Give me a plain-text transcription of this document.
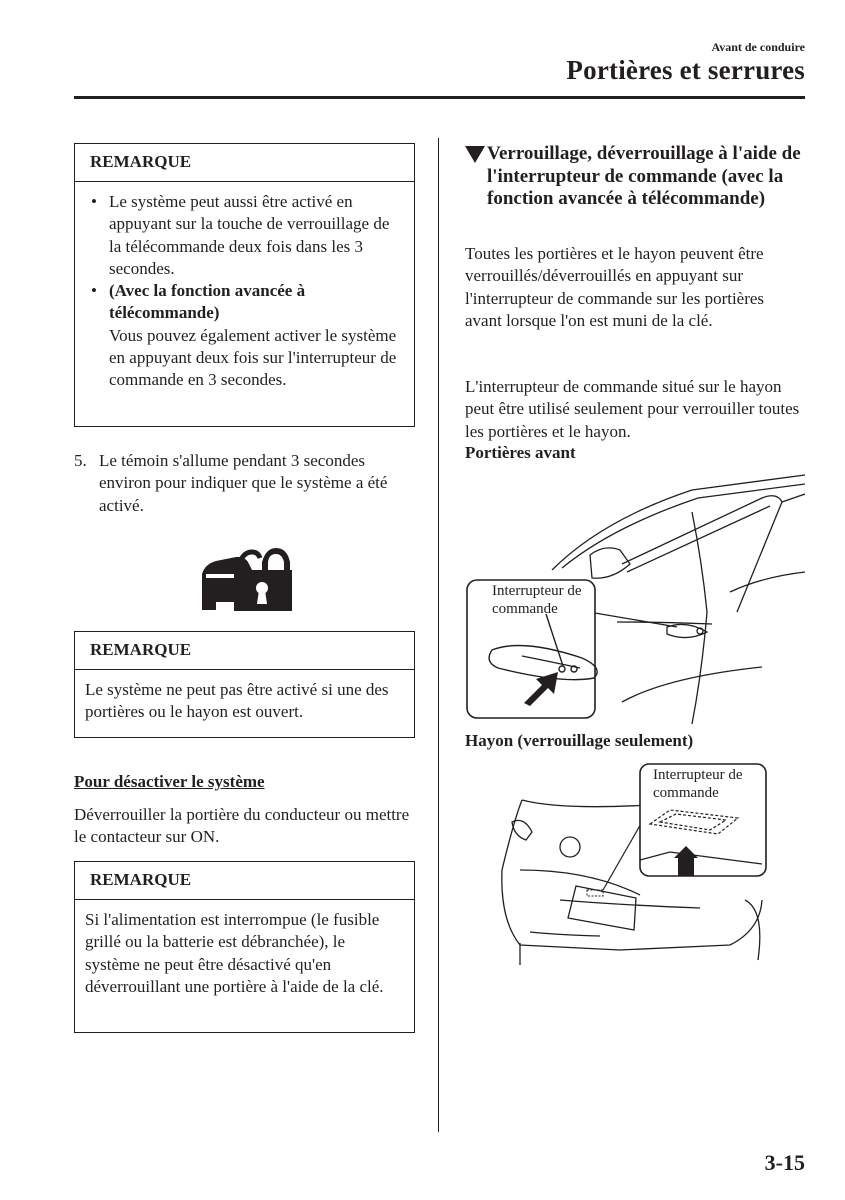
Avant de conduire
Portières et serrures
REMARQUE
• Le système peut aussi être activé en appuyant sur la touche de verrouillage de la télécommande deux fois dans les 3 secondes.
• (Avec la fonction avancée à télécommande)
Vous pouvez également activer le système en appuyant deux fois sur l'interrupteur de commande en 3 secondes.
5. Le témoin s'allume pendant 3 secondes environ pour indiquer que le système a été activé.
REMARQUE
Le système ne peut pas être activé si une des portières ou le hayon est ouvert.
Pour désactiver le système
Déverrouiller la portière du conducteur ou mettre le contacteur sur ON.
REMARQUE
Si l'alimentation est interrompue (le fusible grillé ou la batterie est débranchée), le système ne peut être désactivé qu'en déverrouillant une portière à l'aide de la clé.
Verrouillage, déverrouillage à l'aide de l'interrupteur de commande (avec la fonction avancée à télécommande)
Toutes les portières et le hayon peuvent être verrouillés/déverrouillés en appuyant sur l'interrupteur de commande sur les portières avant lorsque l'on est muni de la clé.
L'interrupteur de commande situé sur le hayon peut être utilisé seulement pour verrouiller toutes les portières et le hayon.
Portières avant
Interrupteur de
commande
Hayon (verrouillage seulement)
Interrupteur de
commande
3-15
